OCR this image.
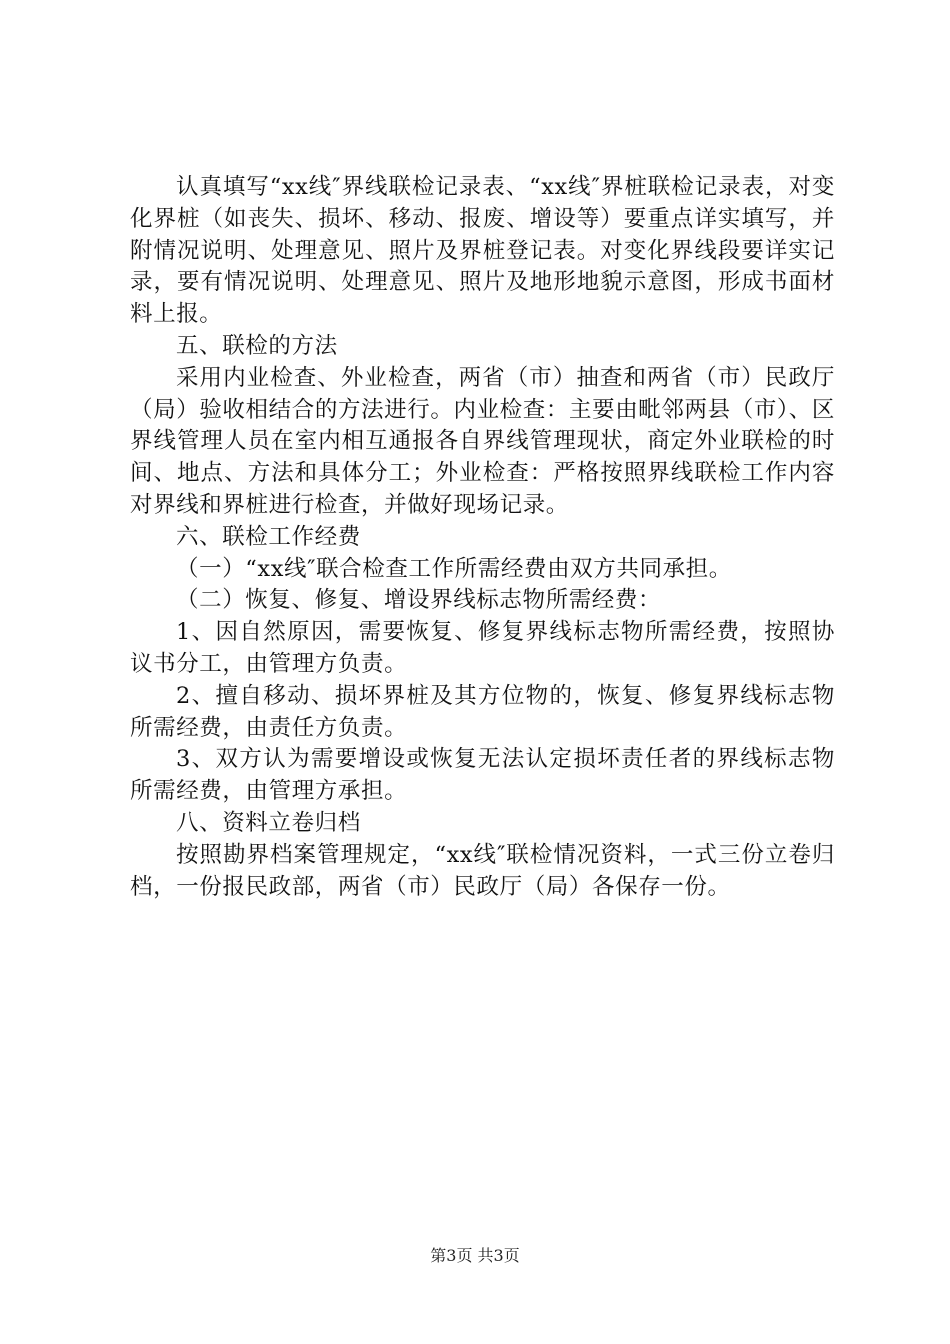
认真填写“xx线″界线联检记录表、“xx线″界桩联检记录表，对变化界桩（如丧失、损坏、移动、报废、增设等）要重点详实填写，并附情况说明、处理意见、照片及界桩登记表。对变化界线段要详实记录，要有情况说明、处理意见、照片及地形地貌示意图，形成书面材料上报。

五、联检的方法

采用内业检查、外业检查，两省（市）抽查和两省（市）民政厅（局）验收相结合的方法进行。内业检查：主要由毗邻两县（市）、区界线管理人员在室内相互通报各自界线管理现状，商定外业联检的时间、地点、方法和具体分工；外业检查：严格按照界线联检工作内容对界线和界桩进行检查，并做好现场记录。

六、联检工作经费

（一）“xx线″联合检查工作所需经费由双方共同承担。

（二）恢复、修复、增设界线标志物所需经费：

1、因自然原因，需要恢复、修复界线标志物所需经费，按照协议书分工，由管理方负责。

2、擅自移动、损坏界桩及其方位物的，恢复、修复界线标志物所需经费，由责任方负责。

3、双方认为需要增设或恢复无法认定损坏责任者的界线标志物所需经费，由管理方承担。

八、资料立卷归档

按照勘界档案管理规定，“xx线″联检情况资料，一式三份立卷归档，一份报民政部，两省（市）民政厅（局）各保存一份。

第3页 共3页
